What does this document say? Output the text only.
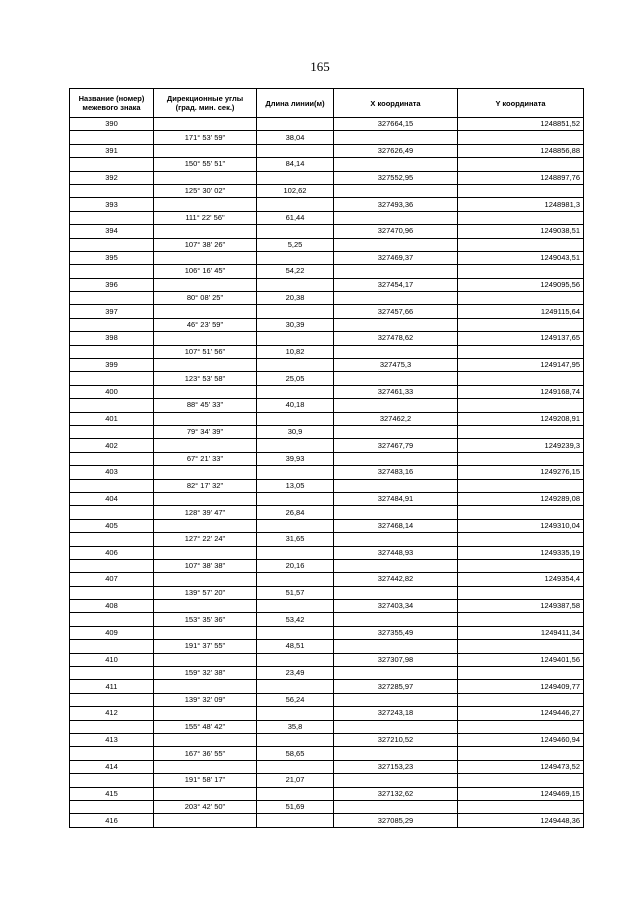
165
Название (номер) межевого знака	Дирекционные углы (град. мин. сек.)	Длина линии(м)	X координата	Y координата
390			327664,15	1248851,52
	171° 53' 59"	38,04		
391			327626,49	1248856,88
	150° 55' 51"	84,14		
392			327552,95	1248897,76
	125° 30' 02"	102,62		
393			327493,36	1248981,3
	111° 22' 56"	61,44		
394			327470,96	1249038,51
	107° 38' 26"	5,25		
395			327469,37	1249043,51
	106° 16' 45"	54,22		
396			327454,17	1249095,56
	80° 08' 25"	20,38		
397			327457,66	1249115,64
	46° 23' 59"	30,39		
398			327478,62	1249137,65
	107° 51' 56"	10,82		
399			327475,3	1249147,95
	123° 53' 58"	25,05		
400			327461,33	1249168,74
	88° 45' 33"	40,18		
401			327462,2	1249208,91
	79° 34' 39"	30,9		
402			327467,79	1249239,3
	67° 21' 33"	39,93		
403			327483,16	1249276,15
	82° 17' 32"	13,05		
404			327484,91	1249289,08
	128° 39' 47"	26,84		
405			327468,14	1249310,04
	127° 22' 24"	31,65		
406			327448,93	1249335,19
	107° 38' 38"	20,16		
407			327442,82	1249354,4
	139° 57' 20"	51,57		
408			327403,34	1249387,58
	153° 35' 36"	53,42		
409			327355,49	1249411,34
	191° 37' 55"	48,51		
410			327307,98	1249401,56
	159° 32' 38"	23,49		
411			327285,97	1249409,77
	139° 32' 09"	56,24		
412			327243,18	1249446,27
	155° 48' 42"	35,8		
413			327210,52	1249460,94
	167° 36' 55"	58,65		
414			327153,23	1249473,52
	191° 58' 17"	21,07		
415			327132,62	1249469,15
	203° 42' 50"	51,69		
416			327085,29	1249448,36
